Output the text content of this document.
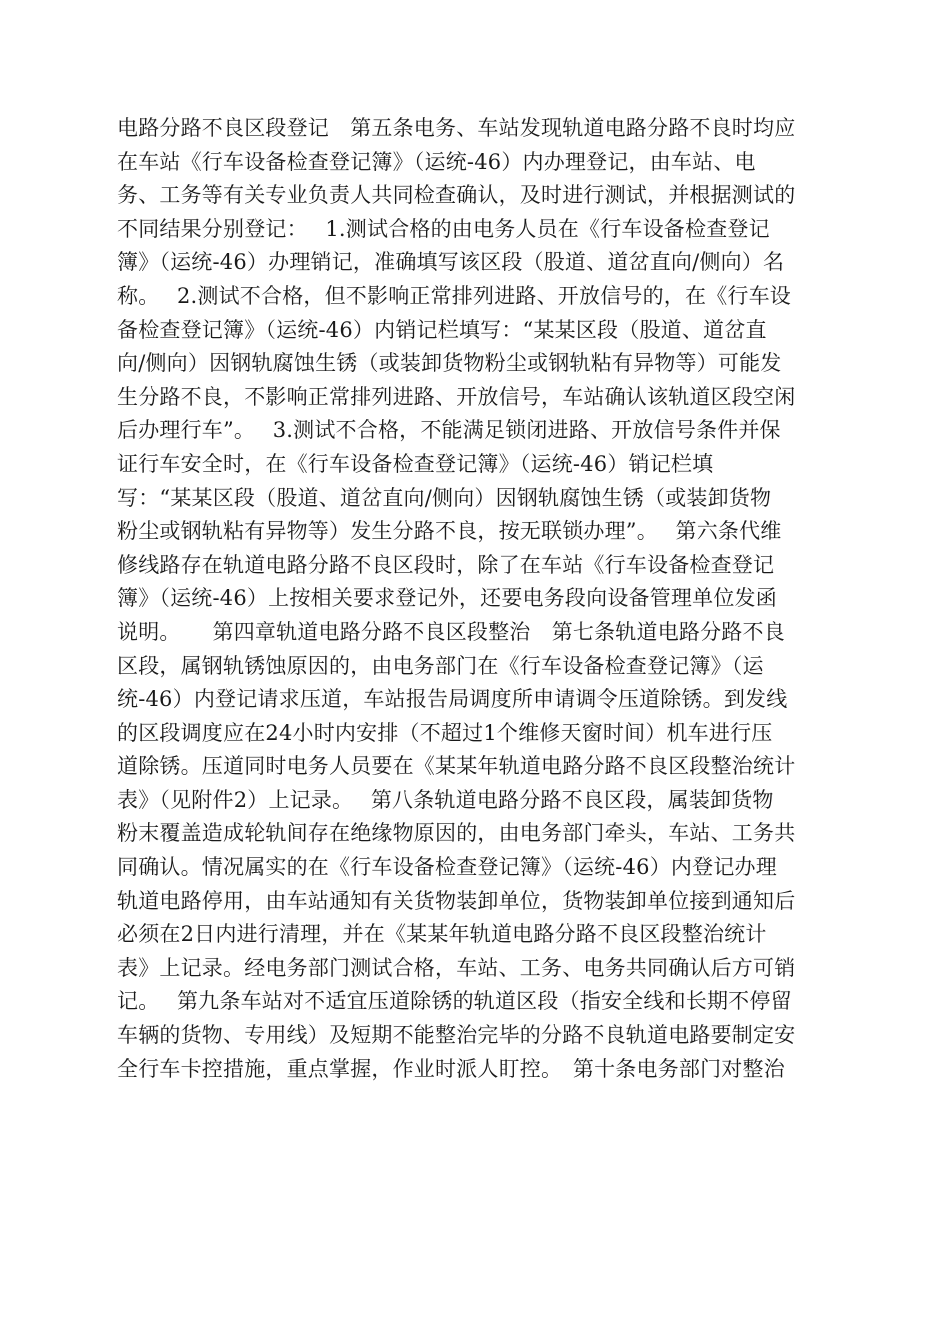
电路分路不良区段登记　第五条电务、车站发现轨道电路分路不良时均应
在车站《行车设备检查登记簿》（运统-46）内办理登记，由车站、电
务、工务等有关专业负责人共同检查确认，及时进行测试，并根据测试的
不同结果分别登记：　 1.测试合格的由电务人员在《行车设备检查登记
簿》（运统-46）办理销记，准确填写该区段（股道、道岔直向/侧向）名
称。　 2.测试不合格，但不影响正常排列进路、开放信号的，在《行车设
备检查登记簿》（运统-46）内销记栏填写：“某某区段（股道、道岔直
向/侧向）因钢轨腐蚀生锈（或装卸货物粉尘或钢轨粘有异物等）可能发
生分路不良，不影响正常排列进路、开放信号，车站确认该轨道区段空闲
后办理行车”。　 3.测试不合格，不能满足锁闭进路、开放信号条件并保
证行车安全时，在《行车设备检查登记簿》（运统-46）销记栏填
写：“某某区段（股道、道岔直向/侧向）因钢轨腐蚀生锈（或装卸货物
粉尘或钢轨粘有异物等）发生分路不良，按无联锁办理”。　 第六条代维
修线路存在轨道电路分路不良区段时，除了在车站《行车设备检查登记
簿》（运统-46）上按相关要求登记外，还要电务段向设备管理单位发函
说明。　　第四章轨道电路分路不良区段整治　第七条轨道电路分路不良
区段，属钢轨锈蚀原因的，由电务部门在《行车设备检查登记簿》（运
统-46）内登记请求压道，车站报告局调度所申请调令压道除锈。到发线
的区段调度应在24小时内安排（不超过1个维修天窗时间）机车进行压
道除锈。压道同时电务人员要在《某某年轨道电路分路不良区段整治统计
表》（见附件2）上记录。　 第八条轨道电路分路不良区段，属装卸货物
粉末覆盖造成轮轨间存在绝缘物原因的，由电务部门牵头，车站、工务共
同确认。情况属实的在《行车设备检查登记簿》（运统-46）内登记办理
轨道电路停用，由车站通知有关货物装卸单位，货物装卸单位接到通知后
必须在2日内进行清理，并在《某某年轨道电路分路不良区段整治统计
表》上记录。经电务部门测试合格，车站、工务、电务共同确认后方可销
记。　 第九条车站对不适宜压道除锈的轨道区段（指安全线和长期不停留
车辆的货物、专用线）及短期不能整治完毕的分路不良轨道电路要制定安
全行车卡控措施，重点掌握，作业时派人盯控。　第十条电务部门对整治
